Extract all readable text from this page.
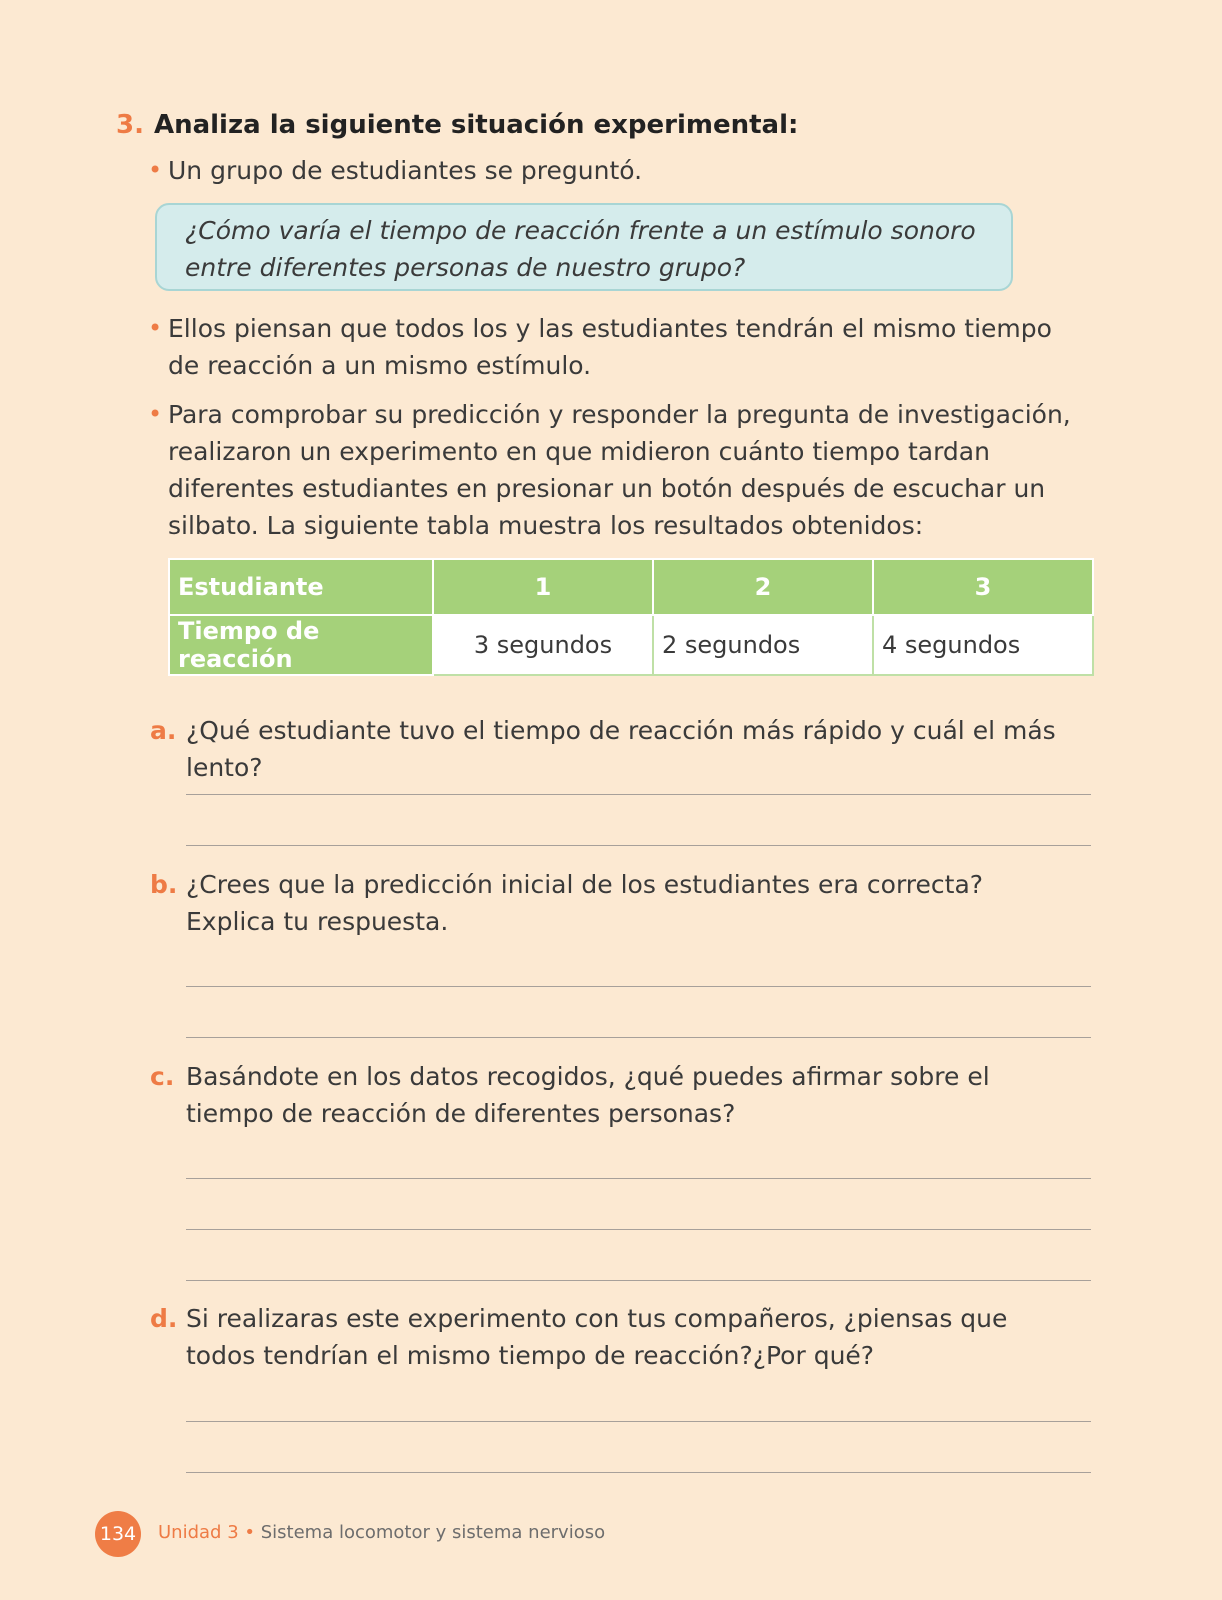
3. Analiza la siguiente situación experimental:
• Un grupo de estudiantes se preguntó.
¿Cómo varía el tiempo de reacción frente a un estímulo sonoro entre diferentes personas de nuestro grupo?
• Ellos piensan que todos los y las estudiantes tendrán el mismo tiempo de reacción a un mismo estímulo.
• Para comprobar su predicción y responder la pregunta de investigación, realizaron un experimento en que midieron cuánto tiempo tardan diferentes estudiantes en presionar un botón después de escuchar un silbato. La siguiente tabla muestra los resultados obtenidos:
Estudiante	1	2	3
Tiempo de reacción	3 segundos	2 segundos	4 segundos
a. ¿Qué estudiante tuvo el tiempo de reacción más rápido y cuál el más lento?
b. ¿Crees que la predicción inicial de los estudiantes era correcta? Explica tu respuesta.
c. Basándote en los datos recogidos, ¿qué puedes afirmar sobre el tiempo de reacción de diferentes personas?
d. Si realizaras este experimento con tus compañeros, ¿piensas que todos tendrían el mismo tiempo de reacción?¿Por qué?
134 Unidad 3 • Sistema locomotor y sistema nervioso
